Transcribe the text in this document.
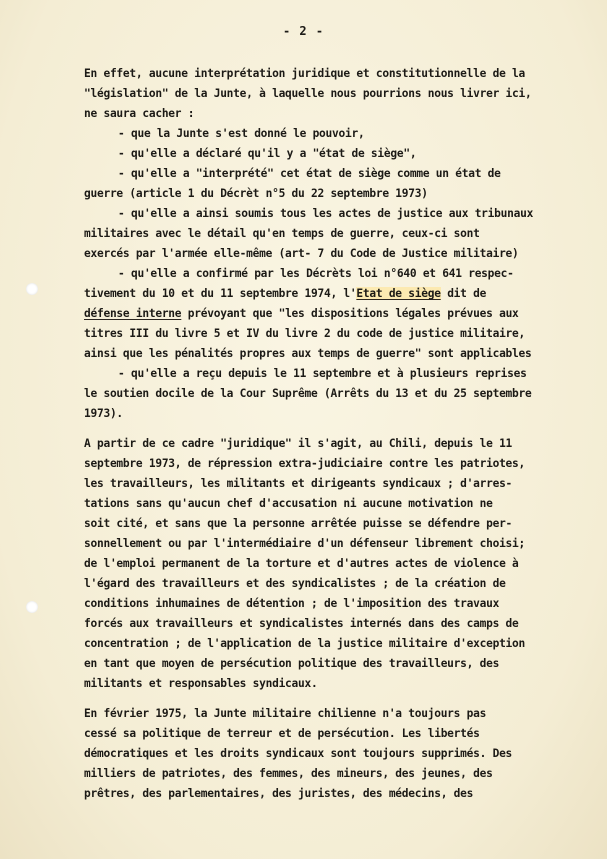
- 2 -
En effet, aucune interprétation juridique et constitutionnelle de la
"législation" de la Junte, à laquelle nous pourrions nous livrer ici,
ne saura cacher :
- que la Junte s'est donné le pouvoir,
- qu'elle a déclaré qu'il y a "état de siège",
- qu'elle a "interprété" cet état de siège comme un état de
guerre (article 1 du Décrèt n°5 du 22 septembre 1973)
- qu'elle a ainsi soumis tous les actes de justice aux tribunaux
militaires avec le détail qu'en temps de guerre, ceux-ci sont
exercés par l'armée elle-même (art- 7 du Code de Justice militaire)
- qu'elle a confirmé par les Décrèts loi n°640 et 641 respec-
tivement du 10 et du 11 septembre 1974, l'Etat de siège dit de
défense interne prévoyant que "les dispositions légales prévues aux
titres III du livre 5 et IV du livre 2 du code de justice militaire,
ainsi que les pénalités propres aux temps de guerre" sont applicables
- qu'elle a reçu depuis le 11 septembre et à plusieurs reprises
le soutien docile de la Cour Suprême (Arrêts du 13 et du 25 septembre
1973).
A partir de ce cadre "juridique" il s'agit, au Chili, depuis le 11
septembre 1973, de répression extra-judiciaire contre les patriotes,
les travailleurs, les militants et dirigeants syndicaux ; d'arres-
tations sans qu'aucun chef d'accusation ni aucune motivation ne
soit cité, et sans que la personne arrêtée puisse se défendre per-
sonnellement ou par l'intermédiaire d'un défenseur librement choisi;
de l'emploi permanent de la torture et d'autres actes de violence à
l'égard des travailleurs et des syndicalistes ; de la création de
conditions inhumaines de détention ; de l'imposition des travaux
forcés aux travailleurs et syndicalistes internés dans des camps de
concentration ; de l'application de la justice militaire d'exception
en tant que moyen de persécution politique des travailleurs, des
militants et responsables syndicaux.
En février 1975, la Junte militaire chilienne n'a toujours pas
cessé sa politique de terreur et de persécution. Les libertés
démocratiques et les droits syndicaux sont toujours supprimés. Des
milliers de patriotes, des femmes, des mineurs, des jeunes, des
prêtres, des parlementaires, des juristes, des médecins, des
